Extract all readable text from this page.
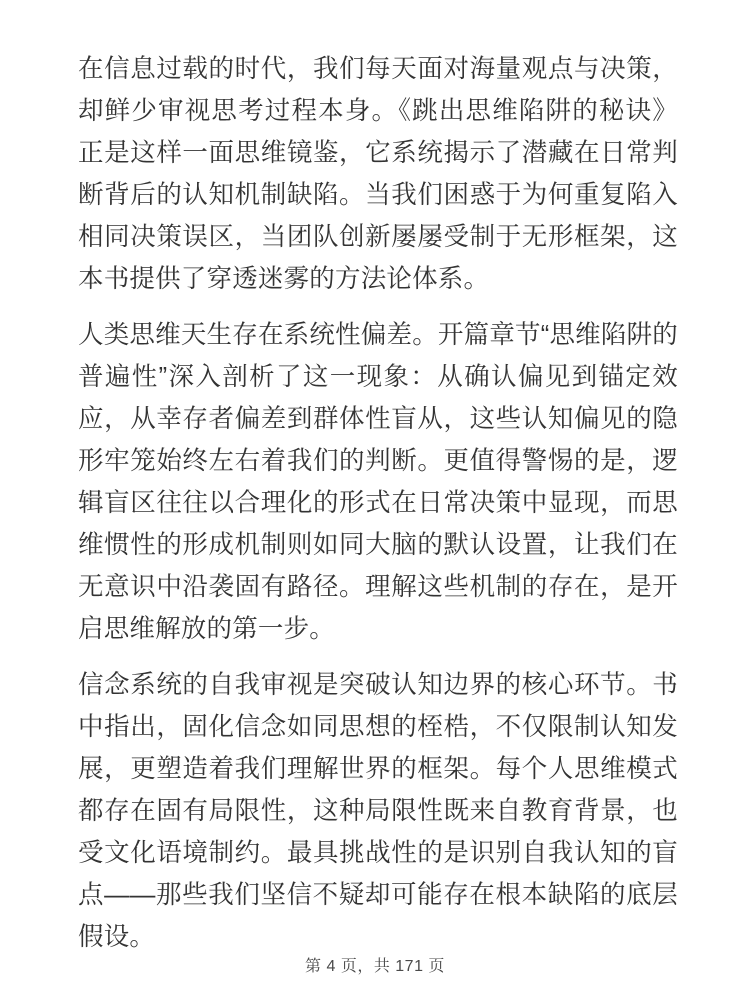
在信息过载的时代，我们每天面对海量观点与决策，却鲜少审视思考过程本身。《跳出思维陷阱的秘诀》正是这样一面思维镜鉴，它系统揭示了潜藏在日常判断背后的认知机制缺陷。当我们困惑于为何重复陷入相同决策误区，当团队创新屡屡受制于无形框架，这本书提供了穿透迷雾的方法论体系。

人类思维天生存在系统性偏差。开篇章节“思维陷阱的普遍性”深入剖析了这一现象：从确认偏见到锚定效应，从幸存者偏差到群体性盲从，这些认知偏见的隐形牢笼始终左右着我们的判断。更值得警惕的是，逻辑盲区往往以合理化的形式在日常决策中显现，而思维惯性的形成机制则如同大脑的默认设置，让我们在无意识中沿袭固有路径。理解这些机制的存在，是开启思维解放的第一步。

信念系统的自我审视是突破认知边界的核心环节。书中指出，固化信念如同思想的桎梏，不仅限制认知发展，更塑造着我们理解世界的框架。每个人思维模式都存在固有局限性，这种局限性既来自教育背景，也受文化语境制约。最具挑战性的是识别自我认知的盲点——那些我们坚信不疑却可能存在根本缺陷的底层假设。

第 4 页，共 171 页
